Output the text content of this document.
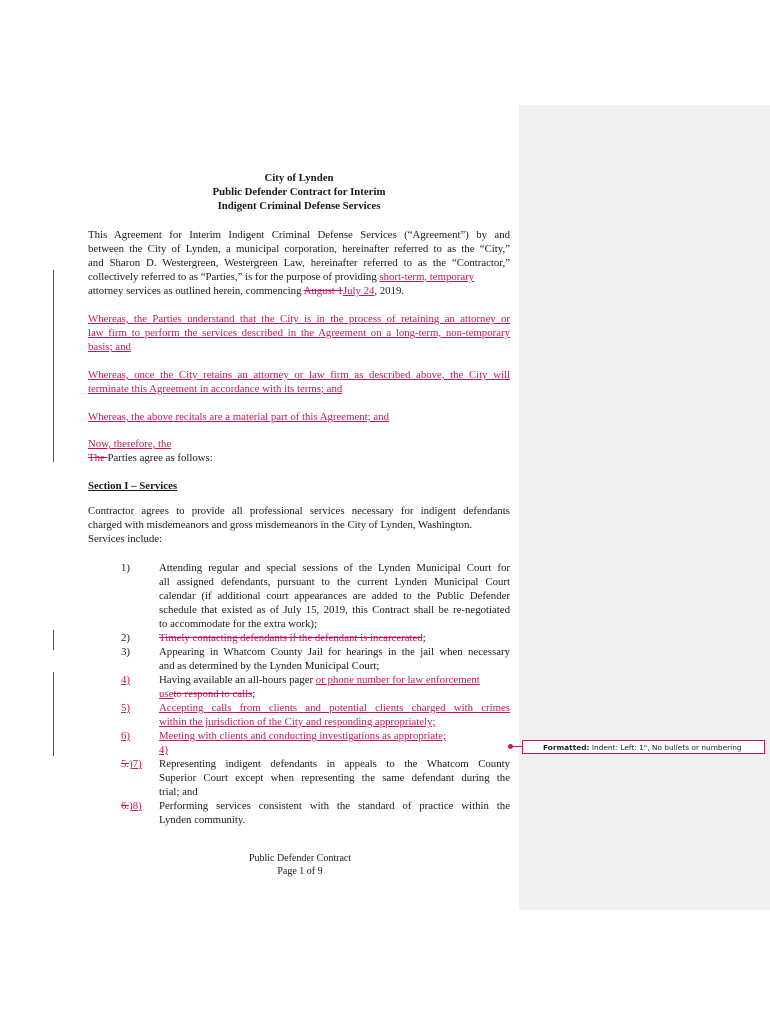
City of Lynden
Public Defender Contract for Interim
Indigent Criminal Defense Services
This Agreement for Interim Indigent Criminal Defense Services (“Agreement”) by and
between the City of Lynden, a municipal corporation, hereinafter referred to as the “City,”
and Sharon D. Westergreen, Westergreen Law, hereinafter referred to as the “Contractor,”
collectively referred to as “Parties,” is for the purpose of providing short-term, temporary
attorney services as outlined herein, commencing August 1July 24, 2019.
Whereas, the Parties understand that the City is in the process of retaining an attorney or
law firm to perform the services described in the Agreement on a long-term, non-temporary
basis; and
Whereas, once the City retains an attorney or law firm as described above, the City will
terminate this Agreement in accordance with its terms; and
Whereas, the above recitals are a material part of this Agreement; and
Now, therefore, the
The Parties agree as follows:
Section I – Services
Contractor agrees to provide all professional services necessary for indigent defendants
charged with misdemeanors and gross misdemeanors in the City of Lynden, Washington.
Services include:
1)	Attending regular and special sessions of the Lynden Municipal Court for
all assigned defendants, pursuant to the current Lynden Municipal Court
calendar (if additional court appearances are added to the Public Defender
schedule that existed as of July 15, 2019, this Contract shall be re-negotiated
to accommodate for the extra work);
2)	Timely contacting defendants if the defendant is incarcerated;
3)	Appearing in Whatcom County Jail for hearings in the jail when necessary
and as determined by the Lynden Municipal Court;
4)	Having available an all-hours pager or phone number for law enforcement
useto respond to calls;
5)	Accepting calls from clients and potential clients charged with crimes
within the jurisdiction of the City and responding appropriately;
6)	Meeting with clients and conducting investigations as appropriate;
4)
5.)7) Representing indigent defendants in appeals to the Whatcom County
Superior Court except when representing the same defendant during the
trial; and
6.)8) Performing services consistent with the standard of practice within the
Lynden community.
Formatted: Indent: Left: 1", No bullets or numbering
Public Defender Contract
Page 1 of 9
